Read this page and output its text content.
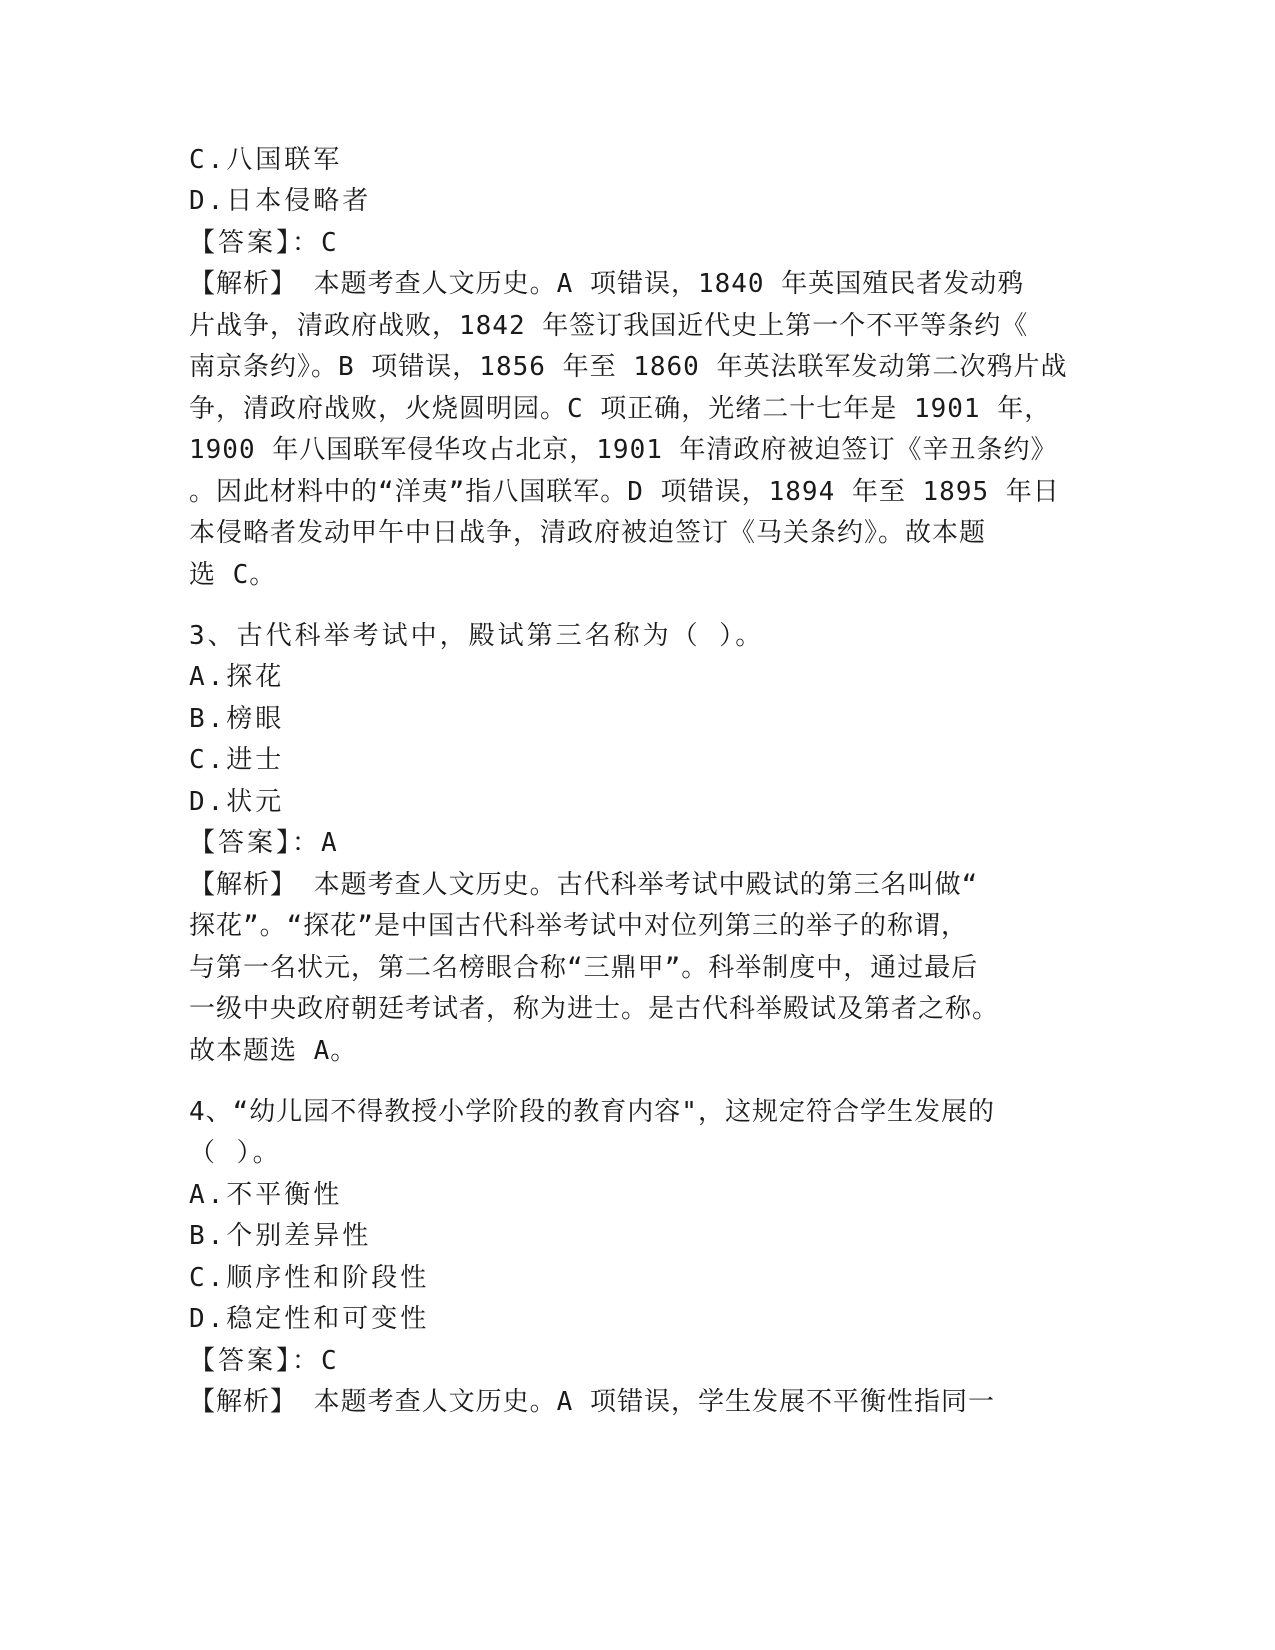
C.八国联军
D.日本侵略者
【答案】：C
【解析】 本题考查人文历史。A 项错误，1840 年英国殖民者发动鸦
片战争，清政府战败，1842 年签订我国近代史上第一个不平等条约《
南京条约》。B 项错误，1856 年至 1860 年英法联军发动第二次鸦片战
争，清政府战败，火烧圆明园。C 项正确，光绪二十七年是 1901 年，
1900 年八国联军侵华攻占北京，1901 年清政府被迫签订《辛丑条约》
。因此材料中的“洋夷”指八国联军。D 项错误，1894 年至 1895 年日
本侵略者发动甲午中日战争，清政府被迫签订《马关条约》。故本题
选 C。
3、古代科举考试中，殿试第三名称为（ ）。
A.探花
B.榜眼
C.进士
D.状元
【答案】：A
【解析】 本题考查人文历史。古代科举考试中殿试的第三名叫做“
探花”。“探花”是中国古代科举考试中对位列第三的举子的称谓，
与第一名状元，第二名榜眼合称“三鼎甲”。科举制度中，通过最后
一级中央政府朝廷考试者，称为进士。是古代科举殿试及第者之称。
故本题选 A。
4、“幼儿园不得教授小学阶段的教育内容"，这规定符合学生发展的
（ ）。
A.不平衡性
B.个别差异性
C.顺序性和阶段性
D.稳定性和可变性
【答案】：C
【解析】 本题考查人文历史。A 项错误，学生发展不平衡性指同一
